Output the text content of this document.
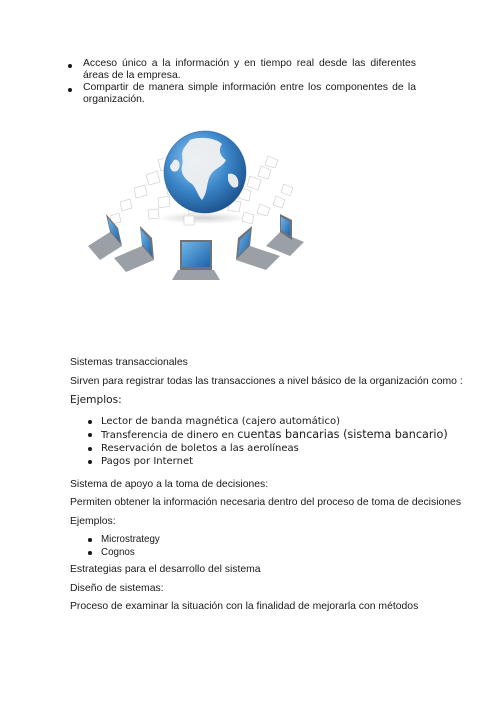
Acceso único a la información y en tiempo real desde las diferentes áreas de la empresa.
Compartir de manera simple información entre los componentes de la organización.
Sistemas transaccionales
Sirven para registrar todas las transacciones a nivel básico de la organización como :
Ejemplos:
Lector de banda magnética (cajero automático)
Transferencia de dinero en cuentas bancarias (sistema bancario)
Reservación de boletos a las aerolíneas
Pagos por Internet
Sistema de apoyo a la toma de decisiones:
Permiten obtener la información necesaria dentro del proceso de toma de decisiones
Ejemplos:
Microstrategy
Cognos
Estrategias para el desarrollo del sistema
Diseño de sistemas:
Proceso de examinar la situación con la finalidad de mejorarla con métodos
